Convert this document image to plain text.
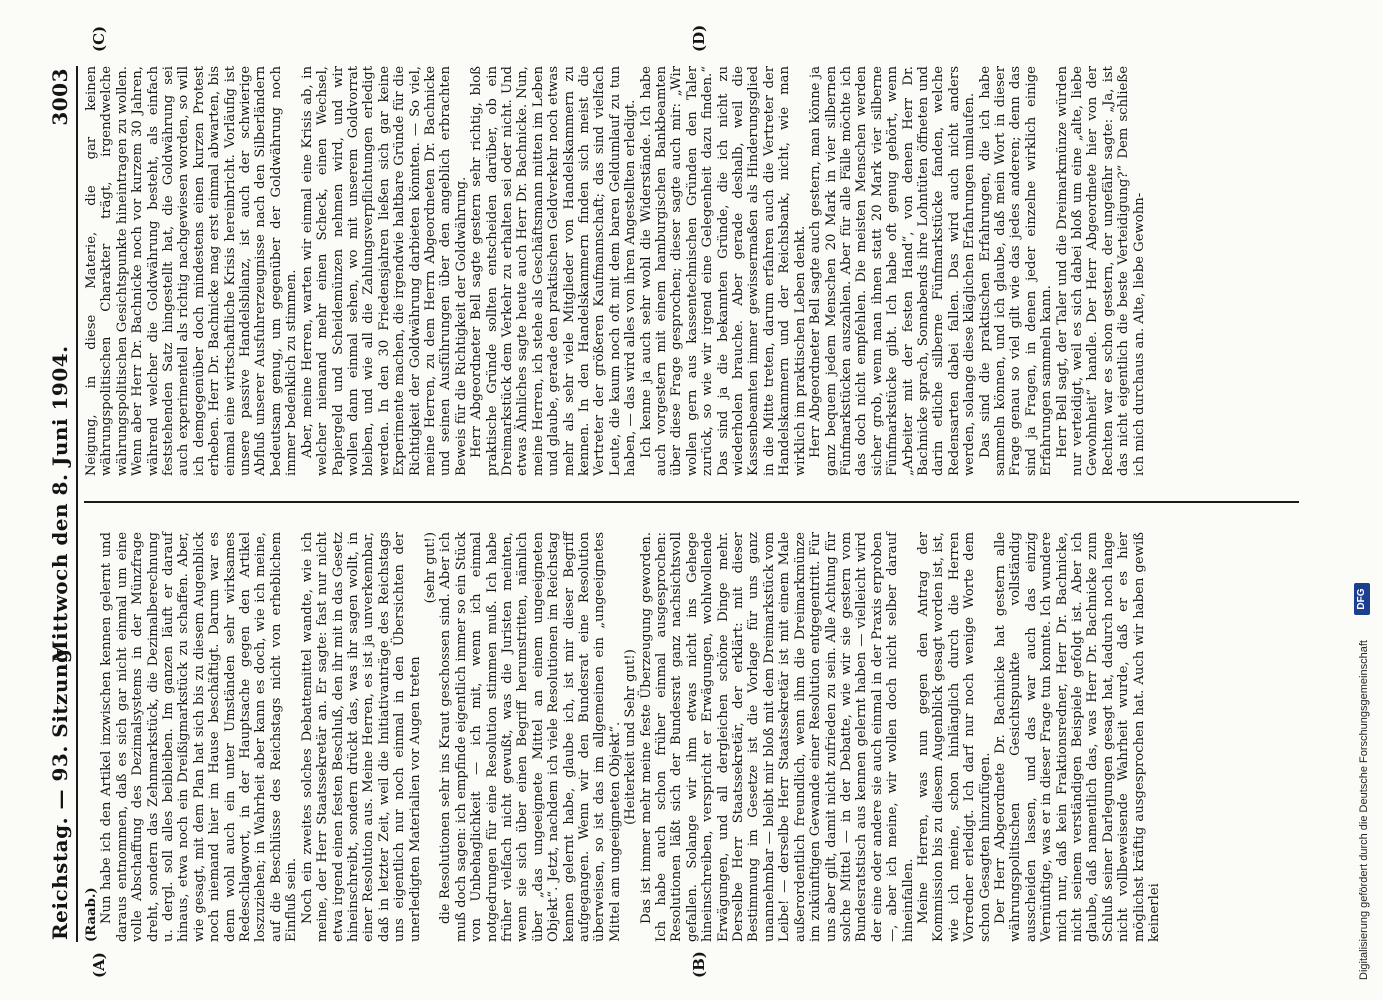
Reichstag. — 93. Sitzung.
Mittwoch den 8. Juni 1904.
3003
(A)	(B)
(C)	(D)

(Raab.) Nun habe ich den Artikel inzwischen kennen gelernt und daraus entnommen, daß es sich gar nicht einmal um eine volle Abschaffung des Dezimalsystems in der Münzfrage dreht, sondern das Zehnmarkstück, die Dezimalberechnung u. dergl. soll alles beibleiben. Im ganzen läuft er darauf hinaus, etwa noch ein Dreißigmarkstück zu schaffen. Aber, wie gesagt, mit dem Plan hat sich bis zu diesem Augenblick noch niemand hier im Hause beschäftigt. Darum war es denn wohl auch ein unter Umständen sehr wirksames Redeschlagwort, in der Hauptsache gegen den Artikel loszuziehen; in Wahrheit aber kann es doch, wie ich meine, auf die Beschlüsse des Reichstags nicht von erheblichem Einfluß sein. Noch ein zweites solches Debattemittel wandte, wie ich meine, der Herr Staatssekretär an. Er sagte: fast nur nicht etwa irgend einen festen Beschluß, den ihr mit in das Gesetz hineinschreibt, sondern drückt das, was ihr sagen wollt, in einer Resolution aus. Meine Herren, es ist ja unverkennbar, daß in letzter Zeit, weil die Initiativanträge des Reichstags uns eigentlich nur noch einmal in den Übersichten der unerledigten Materialien vor Augen treten

(sehr gut!) die Resolutionen sehr ins Kraut geschossen sind. Aber ich muß doch sagen: ich empfinde eigentlich immer so ein Stück von Unbehaglichkeit — ich mit, wenn ich einmal notgedrungen für eine Resolution stimmen muß. Ich habe früher vielfach nicht gewußt, was die Juristen meinten, wenn sie sich über einen Begriff herumstritten, nämlich über „das ungeeignete Mittel an einem ungeeigneten Objekt“. Jetzt, nachdem ich viele Resolutionen im Reichstag kennen gelernt habe, glaube ich, ist mir dieser Begriff aufgegangen. Wenn wir den Bundesrat eine Resolution überweisen, so ist das im allgemeinen ein „ungeeignetes Mittel am ungeeigneten Objekt“. (Heiterkeit und Sehr gut!) Das ist immer mehr meine feste Überzeugung geworden. Ich habe auch schon früher einmal ausgesprochen: Resolutionen läßt sich der Bundesrat ganz nachsichtsvoll gefallen. Solange wir ihm etwas nicht ins Gehege hineinschreiben, verspricht er Erwägungen, wohlwollende Erwägungen, und all dergleichen schöne Dinge mehr. Derselbe Herr Staatssekretär, der erklärt: mit dieser Bestimmung im Gesetze ist die Vorlage für uns ganz unannehmbar — bleibt mir bloß mit dem Dreimarkstück vom Leibe! — derselbe Herr Staatssekretär ist mit einem Male außerordentlich freundlich, wenn ihm die Dreimarkmünze im zukünftigen Gewande einer Resolution entgegentritt. Für uns aber gilt, damit nicht zufrieden zu sein. Alle Achtung für solche Mittel — in der Debatte, wie wir sie gestern vom Bundesratstisch aus kennen gelernt haben — vielleicht wird der eine oder andere sie auch einmal in der Praxis erproben —, aber ich meine, wir wollen doch nicht selber darauf hineinfallen. Meine Herren, was nun gegen den Antrag der Kommission bis zu diesem Augenblick gesagt worden ist, ist, wie ich meine, schon hinlänglich durch die Herren Vorredner erledigt. Ich darf nur noch wenige Worte dem schon Gesagten hinzufügen. Der Herr Abgeordnete Dr. Bachnicke hat gestern alle währungspolitischen Gesichtspunkte vollständig ausscheiden lassen, und das war auch das einzig Vernünftige, was er in dieser Frage tun konnte. Ich wundere mich nur, daß kein Fraktionsredner, Herr Dr. Bachnicke, nicht seinem verständigen Beispiele gefolgt ist. Aber ich glaube, daß namentlich das, was Herr Dr. Bachnicke zum Schluß seiner Darlegungen gesagt hat, dadurch noch lange nicht vollbeweisende Wahrheit wurde, daß er es hier möglichst kräftig ausgesprochen hat. Auch wir haben gewiß keinerlei

Neigung, in diese Materie, die gar keinen währungspolitischen Charakter trägt, irgendwelche währungspolitischen Gesichtspunkte hineintragen zu wollen. Wenn aber Herr Dr. Bachnicke noch vor kurzem 30 Jahren, während welcher die Goldwährung besteht, als einfach feststehenden Satz hingestellt hat, die Goldwährung sei auch experimentell als richtig nachgewiesen worden, so will ich demgegenüber doch mindestens einen kurzen Protest erheben. Herr Dr. Bachnicke mag erst einmal abwarten, bis einmal eine wirtschaftliche Krisis hereinbricht. Vorläufig ist unsere passive Handelsbilanz, ist auch der schwierige Abfluß unserer Ausfuhrerzeugnisse nach den Silberländern bedeutsam genug, um gegenüber der Goldwährung noch immer bedenklich zu stimmen. Aber, meine Herren, warten wir einmal eine Krisis ab, in welcher niemand mehr einen Scheck, einen Wechsel, Papiergeld und Scheidemünzen nehmen wird, und wir wollen dann einmal sehen, wo mit unserem Goldvorrat bleiben, und wie all die Zahlungsverpflichtungen erledigt werden. In den 30 Friedensjahren ließen sich gar keine Experimente machen, die irgendwie haltbare Gründe für die Richtigkeit der Goldwährung darbieten könnten. — So viel, meine Herren, zu dem Herrn Abgeordneten Dr. Bachnicke und seinen Ausführungen über den angeblich erbrachten Beweis für die Richtigkeit der Goldwährung. Herr Abgeordneter Bell sagte gestern sehr richtig, bloß praktische Gründe sollten entscheiden darüber, ob ein Dreimarkstück dem Verkehr zu erhalten sei oder nicht. Und etwas Ähnliches sagte heute auch Herr Dr. Bachnicke. Nun, meine Herren, ich stehe als Geschäftsmann mitten im Leben und glaube, gerade den praktischen Geldverkehr noch etwas mehr als sehr viele Mitglieder von Handelskammern zu kennen. In den Handelskammern finden sich meist die Vertreter der größeren Kaufmannschaft; das sind vielfach Leute, die kaum noch oft mit dem baren Geldumlauf zu tun haben, — das wird alles von ihren Angestellten erledigt. Ich kenne ja auch sehr wohl die Widerstände. Ich habe auch vorgestern mit einem hamburgischen Bankbeamten über diese Frage gesprochen; dieser sagte auch mir: „Wir wollen gern aus kassentechnischen Gründen den Taler zurück, so wie wir irgend eine Gelegenheit dazu finden.“ Das sind ja die bekannten Gründe, die ich nicht zu wiederholen brauche. Aber gerade deshalb, weil die Kassenbeamten immer gewissermaßen als Hinderungsglied in die Mitte treten, darum erfahren auch die Vertreter der Handelskammern und der Reichsbank, nicht, wie man wirklich im praktischen Leben denkt. Herr Abgeordneter Bell sagte auch gestern, man könne ja ganz bequem jedem Menschen 20 Mark in vier silbernen Fünfmarkstücken auszahlen. Aber für alle Fälle möchte ich das doch nicht empfehlen. Die meisten Menschen werden sicher grob, wenn man ihnen statt 20 Mark vier silberne Fünfmarkstücke gibt. Ich habe oft genug gehört, wenn „Arbeiter mit der festen Hand“, von denen Herr Dr. Bachnicke sprach, Sonnabends ihre Lohntüten öffneten und darin etliche silberne Fünfmarkstücke fanden, welche Redensarten dabei fallen. Das wird auch nicht anders werden, solange diese kläglichen Erfahrungen umlaufen. Das sind die praktischen Erfahrungen, die ich habe sammeln können, und ich glaube, daß mein Wort in dieser Frage genau so viel gilt wie das jedes anderen; denn das sind ja Fragen, in denen jeder einzelne wirklich einige Erfahrungen sammeln kann. Herr Bell sagt, der Taler und die Dreimarkmünze würden nur verteidigt, weil es sich dabei bloß um eine „alte, liebe Gewohnheit“ handle. Der Herr Abgeordnete hier von der Rechten war es schon gestern, der ungefähr sagte: „Ja, ist das nicht eigentlich die beste Verteidigung?“ Dem schließe ich mich durchaus an. Alte, liebe Gewohn-

Digitalisierung gefördert durch die Deutsche Forschungsgemeinschaft
DFG
